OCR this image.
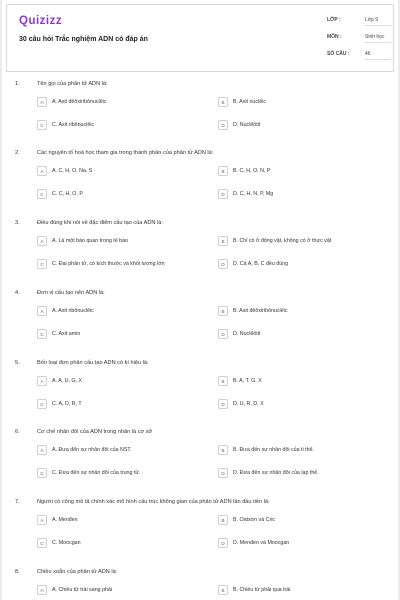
Quizizz
30 câu hỏi Trắc nghiệm ADN có đáp án
LỚP :	Lớp 9
MÔN :	Sinh học
SỐ CÂU :	46
1.	Tên gọi của phân tử ADN là:
A	A. Axit đêôxiribônuclêic	B	B. Axit nuclêic
C	C. Axit ribônuclêic	D	D. Nuclêôtit
2.	Các nguyên tố hoá học tham gia trong thành phần của phân tử ADN là:
A	A. C, H, O, Na, S	B	B. C, H, O, N, P
C	C. C, H, O, P	D	D. C, H, N, P, Mg
3.	Điều đúng khi nói về đặc điểm cấu tạo của ADN là:
A	A. Là một bào quan trong tế bào	B	B. Chỉ có ở động vật, không có ở thực vật
C	C. Đại phân tử, có kích thước và khối lượng lớn	D	D. Cả A, B, C đều đúng
4.	Đơn vị cấu tạo nên ADN là:
A	A. Axit ribônuclêic	B	B. Axit đêôxiribônuclêic
C	C. Axit amin	D	D. Nuclêôtit
5.	Bốn loại đơn phân cấu tạo ADN có kí hiệu là:
A	A. A, U, G, X	B	B. A, T, G, X
C	C. A, D, R, T	D	D. U, R, D, X
6.	Cơ chế nhân đôi của ADN trong nhân là cơ sở
A	A. Đưa đến sự nhân đôi của NST.	B	B. Đưa đến sự nhân đôi của ti thể.
C	C. Đưa đến sự nhân đôi của trung tử.	D	D. Đưa đến sự nhân đôi của lạp thể.
7.	Người có công mô tả chính xác mô hình cấu trúc không gian của phân tử ADN lần đầu tiên là:
A	A. Menđen	B	B. Oatxơn và Cric
C	C. Moocgan	D	D. Menđen và Moocgan
8.	Chiều xoắn của phân tử ADN là:
A	A. Chiều từ trái sang phải	B	B. Chiều từ phải qua trái
